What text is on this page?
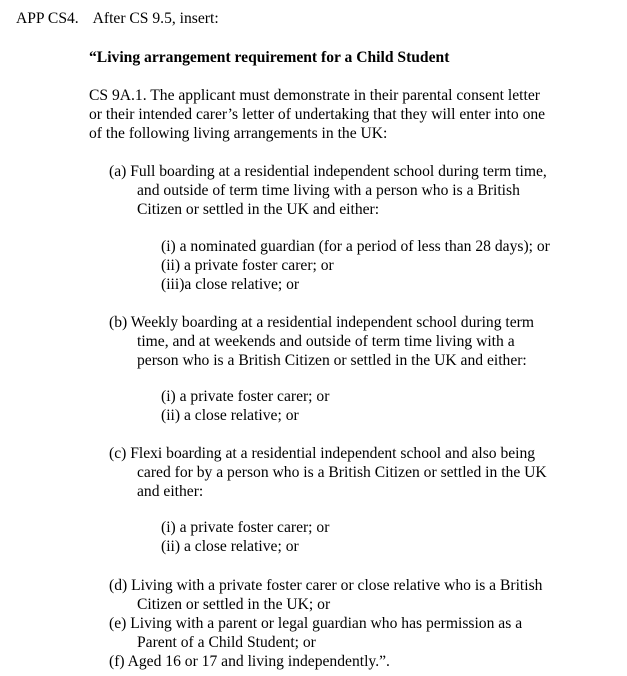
APP CS4. After CS 9.5, insert:
“Living arrangement requirement for a Child Student
CS 9A.1. The applicant must demonstrate in their parental consent letter
or their intended carer’s letter of undertaking that they will enter into one
of the following living arrangements in the UK:
(a) Full boarding at a residential independent school during term time,
and outside of term time living with a person who is a British
Citizen or settled in the UK and either:
(i) a nominated guardian (for a period of less than 28 days); or
(ii) a private foster carer; or
(iii)a close relative; or
(b) Weekly boarding at a residential independent school during term
time, and at weekends and outside of term time living with a
person who is a British Citizen or settled in the UK and either:
(i) a private foster carer; or
(ii) a close relative; or
(c) Flexi boarding at a residential independent school and also being
cared for by a person who is a British Citizen or settled in the UK
and either:
(i) a private foster carer; or
(ii) a close relative; or
(d) Living with a private foster carer or close relative who is a British
Citizen or settled in the UK; or
(e) Living with a parent or legal guardian who has permission as a
Parent of a Child Student; or
(f) Aged 16 or 17 and living independently.”.
